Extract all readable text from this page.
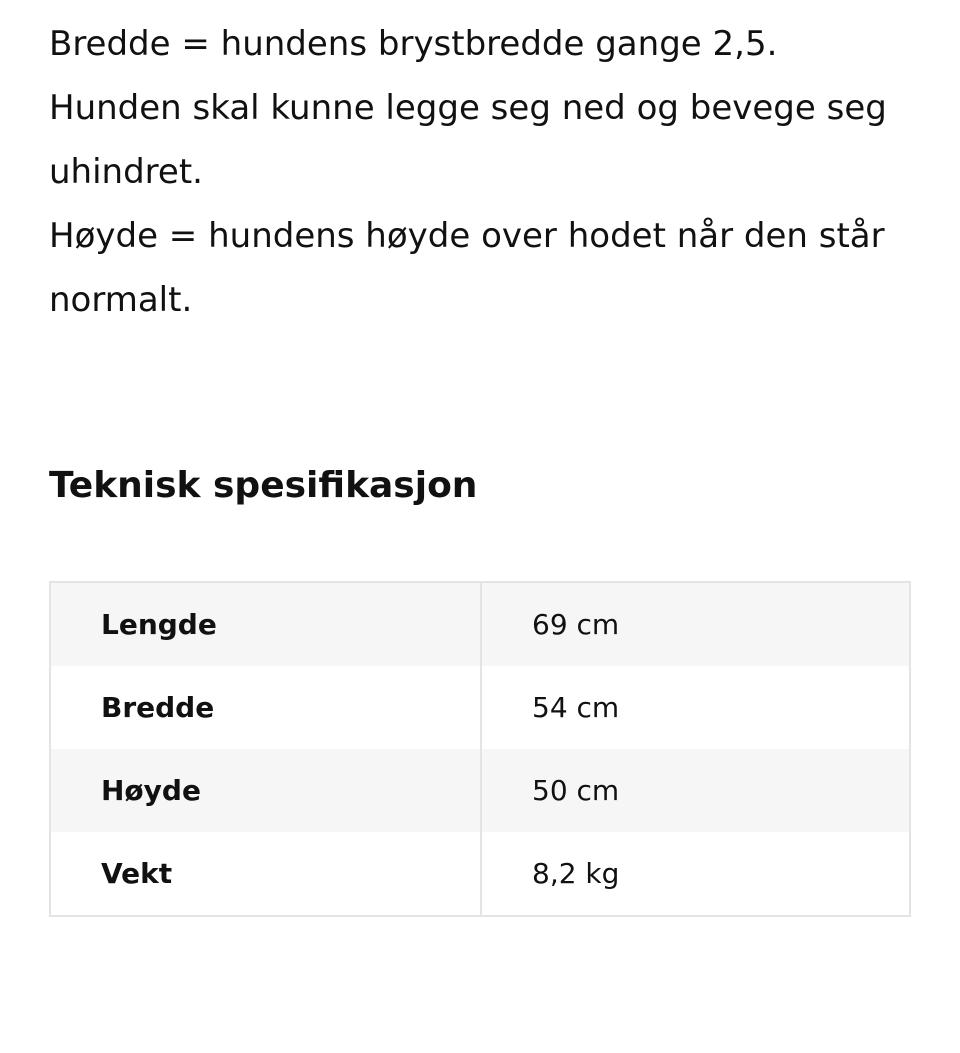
Bredde = hundens brystbredde gange 2,5.

Hunden skal kunne legge seg ned og bevege seg uhindret.

Høyde = hundens høyde over hodet når den står normalt.

Teknisk spesifikasjon
Lengde	69 cm
Bredde	54 cm
Høyde	50 cm
Vekt	8,2 kg
